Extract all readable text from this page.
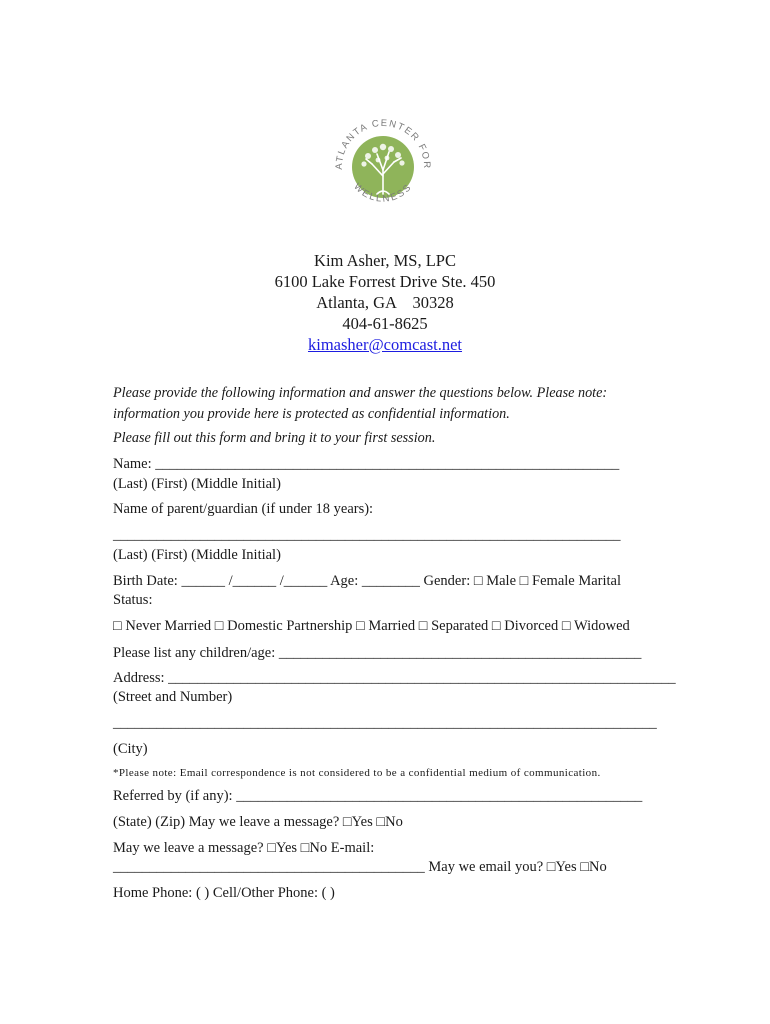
ATLANTA CENTER FOR
WELLNESS
Kim Asher, MS, LPC
6100 Lake Forrest Drive Ste. 450
Atlanta, GA    30328
404-61-8625
kimasher@comcast.net
Please provide the following information and answer the questions below. Please note: information you provide here is protected as confidential information.
Please fill out this form and bring it to your first session.
Name: ________________________________________________________________
(Last) (First) (Middle Initial)
Name of parent/guardian (if under 18 years):
______________________________________________________________________
(Last) (First) (Middle Initial)
Birth Date: ______ /______ /______ Age: ________ Gender: □ Male □ Female Marital
Status:
□ Never Married □ Domestic Partnership □ Married □ Separated □ Divorced □ Widowed
Please list any children/age: __________________________________________________
Address: ______________________________________________________________________
(Street and Number)
___________________________________________________________________________
(City)
*Please note: Email correspondence is not considered to be a confidential medium of communication.
Referred by (if any): ________________________________________________________
(State) (Zip) May we leave a message? □Yes □No
May we leave a message? □Yes □No E-mail:
___________________________________________ May we email you? □Yes □No
Home Phone: ( ) Cell/Other Phone: ( )
